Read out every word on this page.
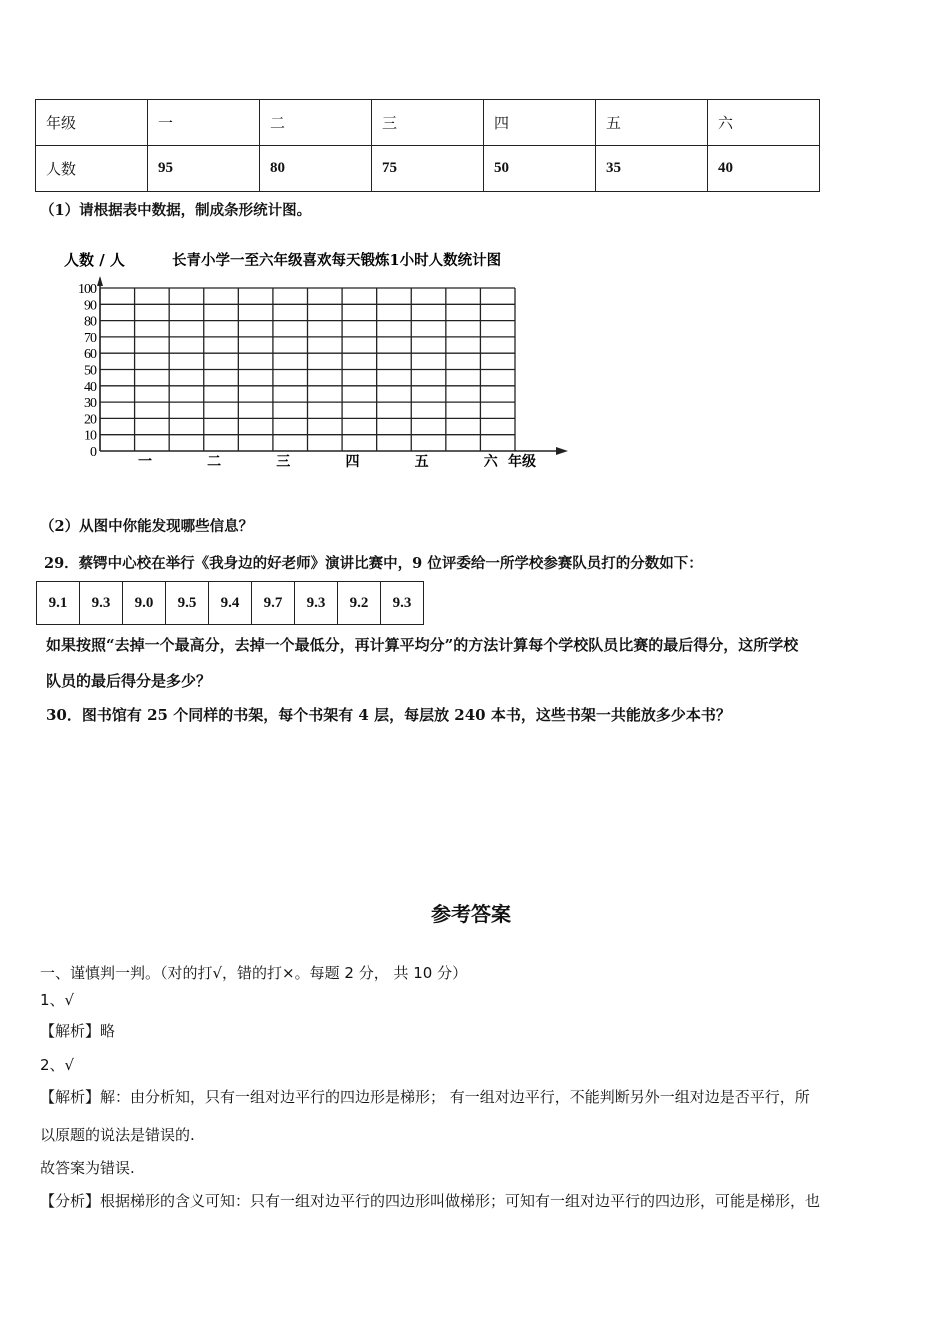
年级	一	二	三	四	五	六
人数	95	80	75	50	35	40
（1）请根据表中数据，制成条形统计图。
人数 / 人	长青小学一至六年级喜欢每天锻炼1小时人数统计图
0
10
20
30
40
50
60
70
80
90
100
一	二	三	四	五	六 年级
（2）从图中你能发现哪些信息？
29．蔡锷中心校在举行《我身边的好老师》演讲比赛中，9 位评委给一所学校参赛队员打的分数如下：
9.1	9.3	9.0	9.5	9.4	9.7	9.3	9.2	9.3
如果按照“去掉一个最高分，去掉一个最低分，再计算平均分”的方法计算每个学校队员比赛的最后得分，这所学校
队员的最后得分是多少？
30．图书馆有 25 个同样的书架，每个书架有 4 层，每层放 240 本书，这些书架一共能放多少本书？
参考答案
一、谨慎判一判。（对的打√，错的打×。每题 2 分， 共 10 分）
1、√
【解析】略
2、√
【解析】解：由分析知，只有一组对边平行的四边形是梯形； 有一组对边平行，不能判断另外一组对边是否平行，所
以原题的说法是错误的.
故答案为错误.
【分析】根据梯形的含义可知：只有一组对边平行的四边形叫做梯形；可知有一组对边平行的四边形，可能是梯形，也
